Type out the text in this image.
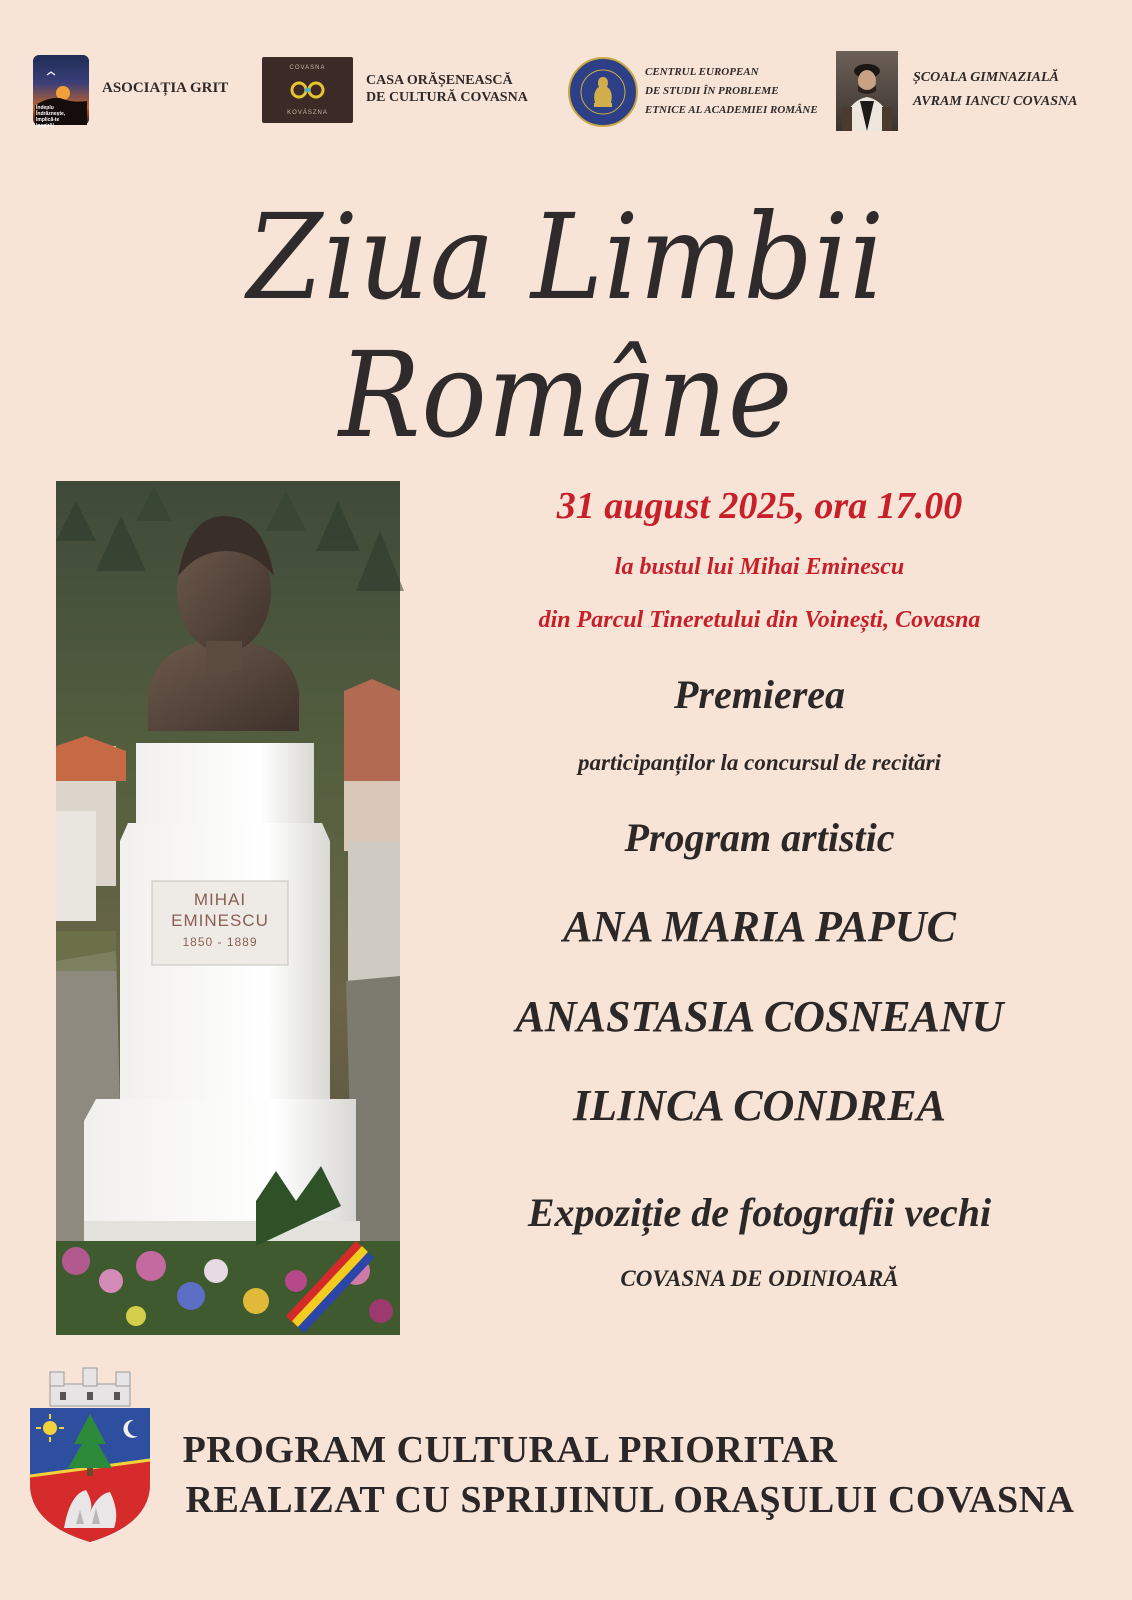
Îndeplu Îndrăznește, Implică-te Inspiră!
ASOCIAȚIA GRIT
COVASNA
KOVÁSZNA
CASA ORĂȘENEASCĂ
DE CULTURĂ COVASNA
CENTRUL EUROPEAN
DE STUDII ÎN PROBLEME
ETNICE AL ACADEMIEI ROMÂNE
ȘCOALA GIMNAZIALĂ
AVRAM IANCU COVASNA
Ziua Limbii Române
MIHAI
EMINESCU
1850 - 1889
31 august 2025, ora 17.00
la bustul lui Mihai Eminescu
din Parcul Tineretului din Voinești, Covasna
Premierea
participanților la concursul de recitări
Program artistic
ANA MARIA PAPUC
ANASTASIA COSNEANU
ILINCA CONDREA
Expoziție de fotografii vechi
COVASNA DE ODINIOARĂ
PROGRAM CULTURAL PRIORITAR
REALIZAT CU SPRIJINUL ORAŞULUI COVASNA
